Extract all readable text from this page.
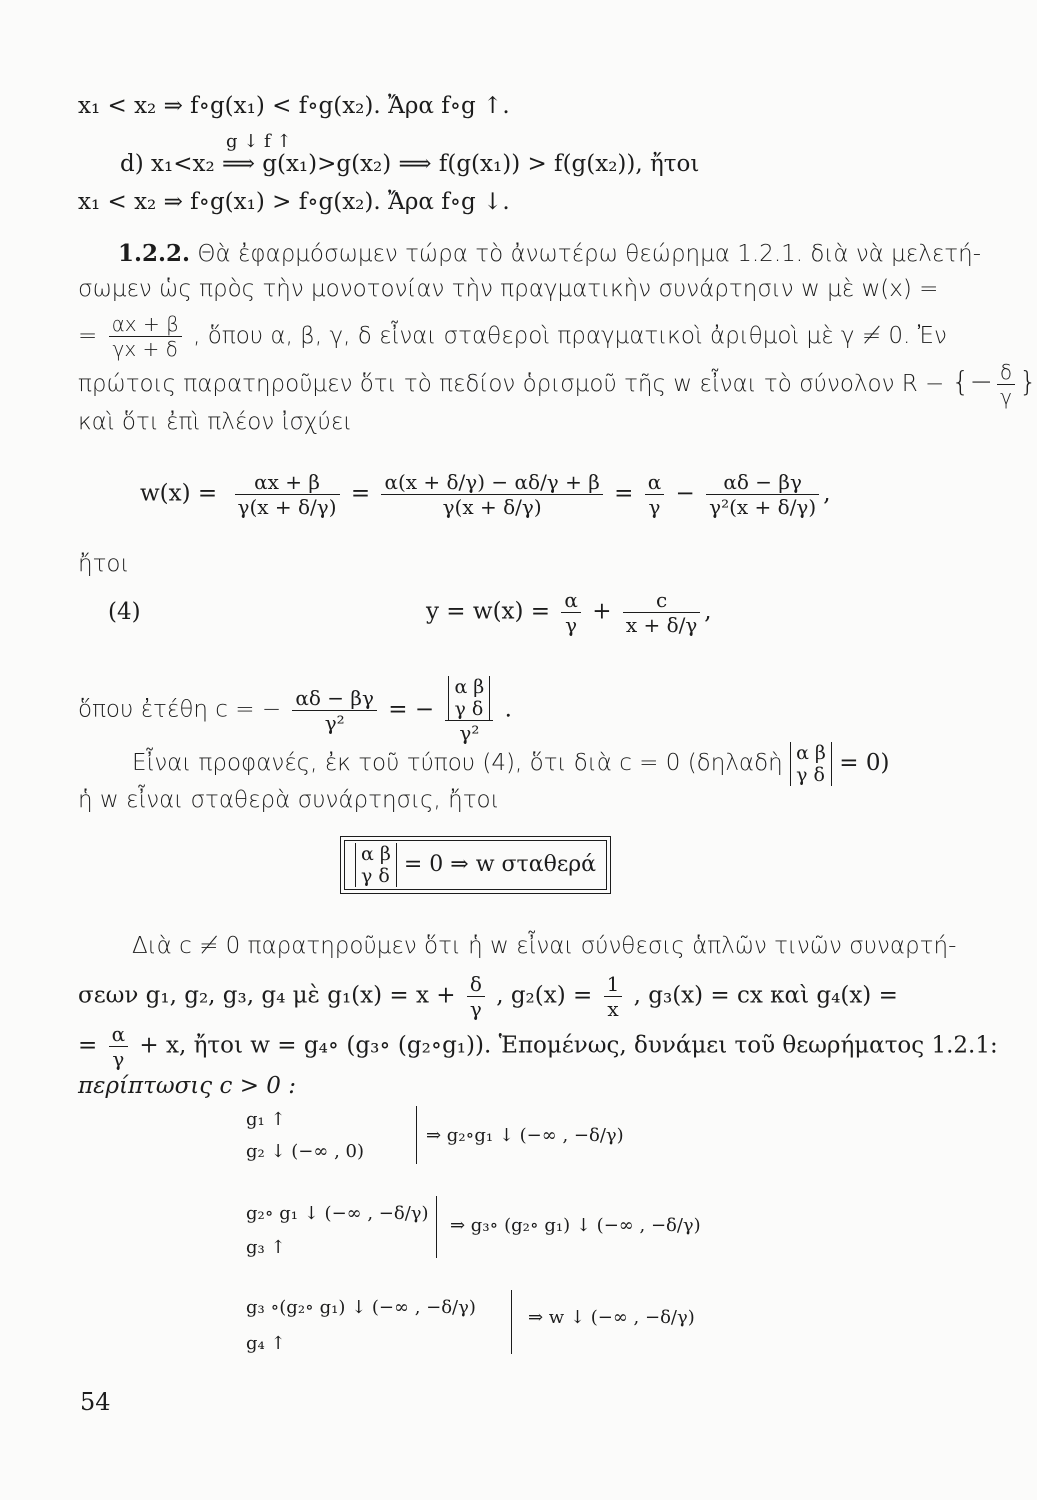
x₁ < x₂ ⇒ f∘g(x₁) < f∘g(x₂). Ἄρα f∘g ↑.
g ↓ f ↑
d) x₁<x₂ ⟹ g(x₁)>g(x₂) ⟹ f(g(x₁)) > f(g(x₂)), ἤτοι
x₁ < x₂ ⇒ f∘g(x₁) > f∘g(x₂). Ἄρα f∘g ↓.
1.2.2. Θὰ ἐφαρμόσωμεν τώρα τὸ ἀνωτέρω θεώρημα 1.2.1. διὰ νὰ μελετή-
σωμεν ὡς πρὸς τὴν μονοτονίαν τὴν πραγματικὴν συνάρτησιν w μὲ w(x) =
= $\frac{\alpha x + \beta}{\gamma x + \delta}$ , ὅπου α, β, γ, δ εἶναι σταθεροὶ πραγματικοὶ ἀριθμοὶ μὲ γ ≠ 0. Ἐν
πρώτοις παρατηροῦμεν ὅτι τὸ πεδίον ὁρισμοῦ τῆς w εἶναι τὸ σύνολον R − {− $\frac{\delta}{\gamma}$ }
καὶ ὅτι ἐπὶ πλέον ἰσχύει
$w(x) = \frac{\alpha x + \beta}{\gamma(x + \delta/\gamma)} = \frac{\alpha(x + \delta/\gamma) - \alpha\delta/\gamma + \beta}{\gamma(x + \delta/\gamma)} = \frac{\alpha}{\gamma} - \frac{\alpha\delta - \beta\gamma}{\text{γ²(x + δ/γ)}}$ ,
ἤτοι
(4)	$y = w(x) = \frac{\alpha}{\gamma} + \frac{c}{x + \delta/\gamma}$ ,
ὅπου ἐτέθη c = − $\frac{\alpha\delta - \beta\gamma}{\text{γ²}}$ = − α β
γ δ
γ² .
Εἶναι προφανές, ἐκ τοῦ τύπου (4), ὅτι διὰ c = 0 (δηλαδὴ α β
γ δ = 0)
ἡ w εἶναι σταθερὰ συνάρτησις, ἤτοι
α β
γ δ = 0 ⇒ w σταθερά
Διὰ c ≠ 0 παρατηροῦμεν ὅτι ἡ w εἶναι σύνθεσις ἁπλῶν τινῶν συναρτή-
σεων g₁, g₂, g₃, g₄ μὲ $g_1(x) = x + \frac{\delta}{\gamma}$ , $g_2(x) = \frac{1}{x}$ , g₃(x) = cx καὶ g₄(x) =
= $\frac{\alpha}{\gamma} + x$, ἤτοι w = g₄∘ (g₃∘ (g₂∘g₁)). Ἑπομένως, δυνάμει τοῦ θεωρήματος 1.2.1:
περίπτωσις c > 0 :
g₁ ↑
g₂ ↓ (−∞ , 0)
⇒ g₂∘g₁ ↓ (−∞ , −δ/γ)
g₂∘ g₁ ↓ (−∞ , −δ/γ)
g₃ ↑
⇒ g₃∘ (g₂∘ g₁) ↓ (−∞ , −δ/γ)
g₃ ∘(g₂∘ g₁) ↓ (−∞ , −δ/γ)
g₄ ↑
⇒ w ↓ (−∞ , −δ/γ)
54
